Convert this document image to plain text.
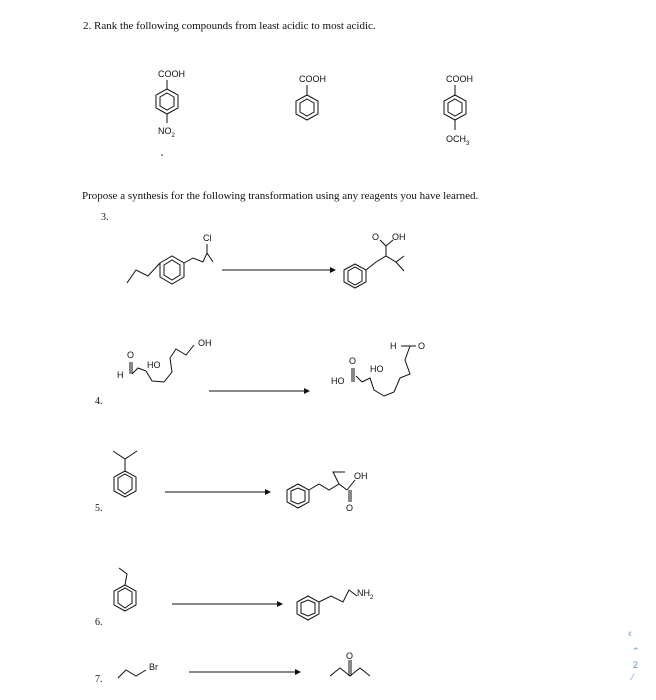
2. Rank the following compounds from least acidic to most acidic.
COOH
$NO_2$
COOH	COOH
$OCH_3$
Cl	O OH
OH
HO
O
H
H O
HO
O
HO
OH
O
$NH_2$
Br
O
Propose a synthesis for the following transformation using any reagents you have learned.
3.
4.
5.
6.
7.
⌃
2
⁄
‹
